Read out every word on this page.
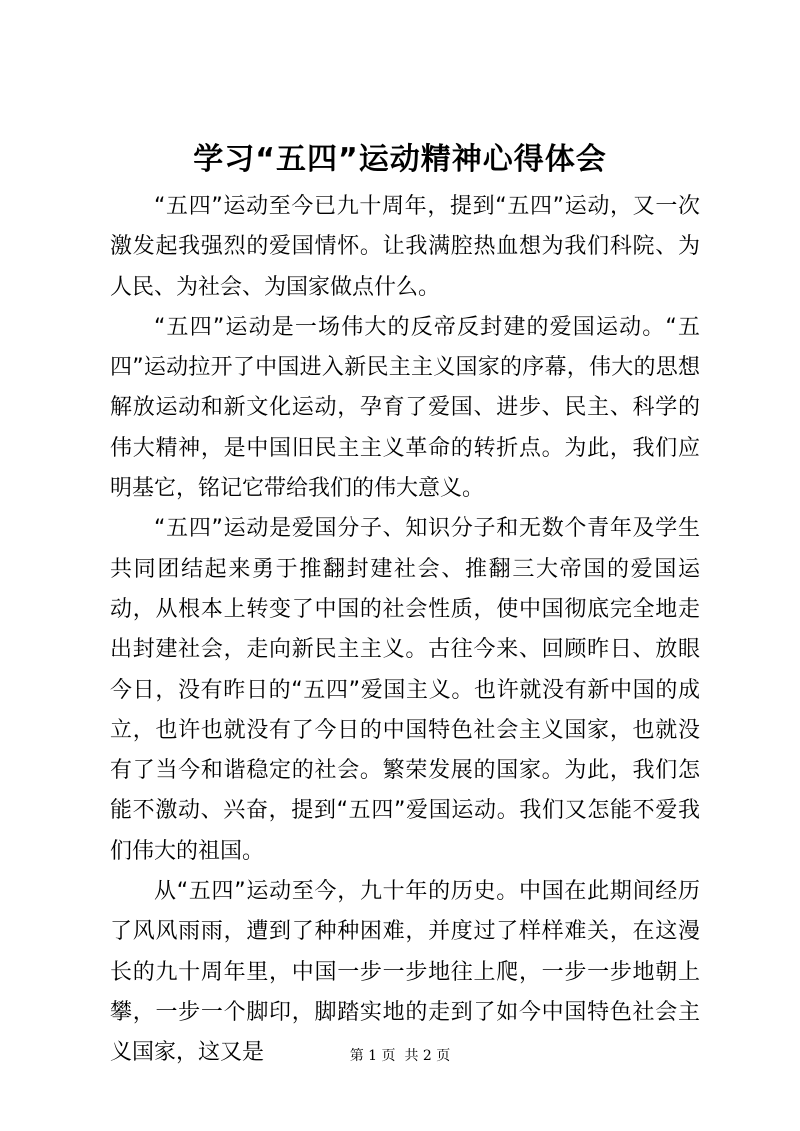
学习“五四”运动精神心得体会

“五四”运动至今已九十周年，提到“五四”运动，又一次激发起我强烈的爱国情怀。让我满腔热血想为我们科院、为人民、为社会、为国家做点什么。

“五四”运动是一场伟大的反帝反封建的爱国运动。“五四”运动拉开了中国进入新民主主义国家的序幕，伟大的思想解放运动和新文化运动，孕育了爱国、进步、民主、科学的伟大精神，是中国旧民主主义革命的转折点。为此，我们应明基它，铭记它带给我们的伟大意义。

“五四”运动是爱国分子、知识分子和无数个青年及学生共同团结起来勇于推翻封建社会、推翻三大帝国的爱国运动，从根本上转变了中国的社会性质，使中国彻底完全地走出封建社会，走向新民主主义。古往今来、回顾昨日、放眼今日，没有昨日的“五四”爱国主义。也许就没有新中国的成立，也许也就没有了今日的中国特色社会主义国家，也就没有了当今和谐稳定的社会。繁荣发展的国家。为此，我们怎能不激动、兴奋，提到“五四”爱国运动。我们又怎能不爱我们伟大的祖国。

从“五四”运动至今，九十年的历史。中国在此期间经历了风风雨雨，遭到了种种困难，并度过了样样难关，在这漫长的九十周年里，中国一步一步地往上爬，一步一步地朝上攀，一步一个脚印，脚踏实地的走到了如今中国特色社会主义国家，这又是	第 1 页  共 2 页
